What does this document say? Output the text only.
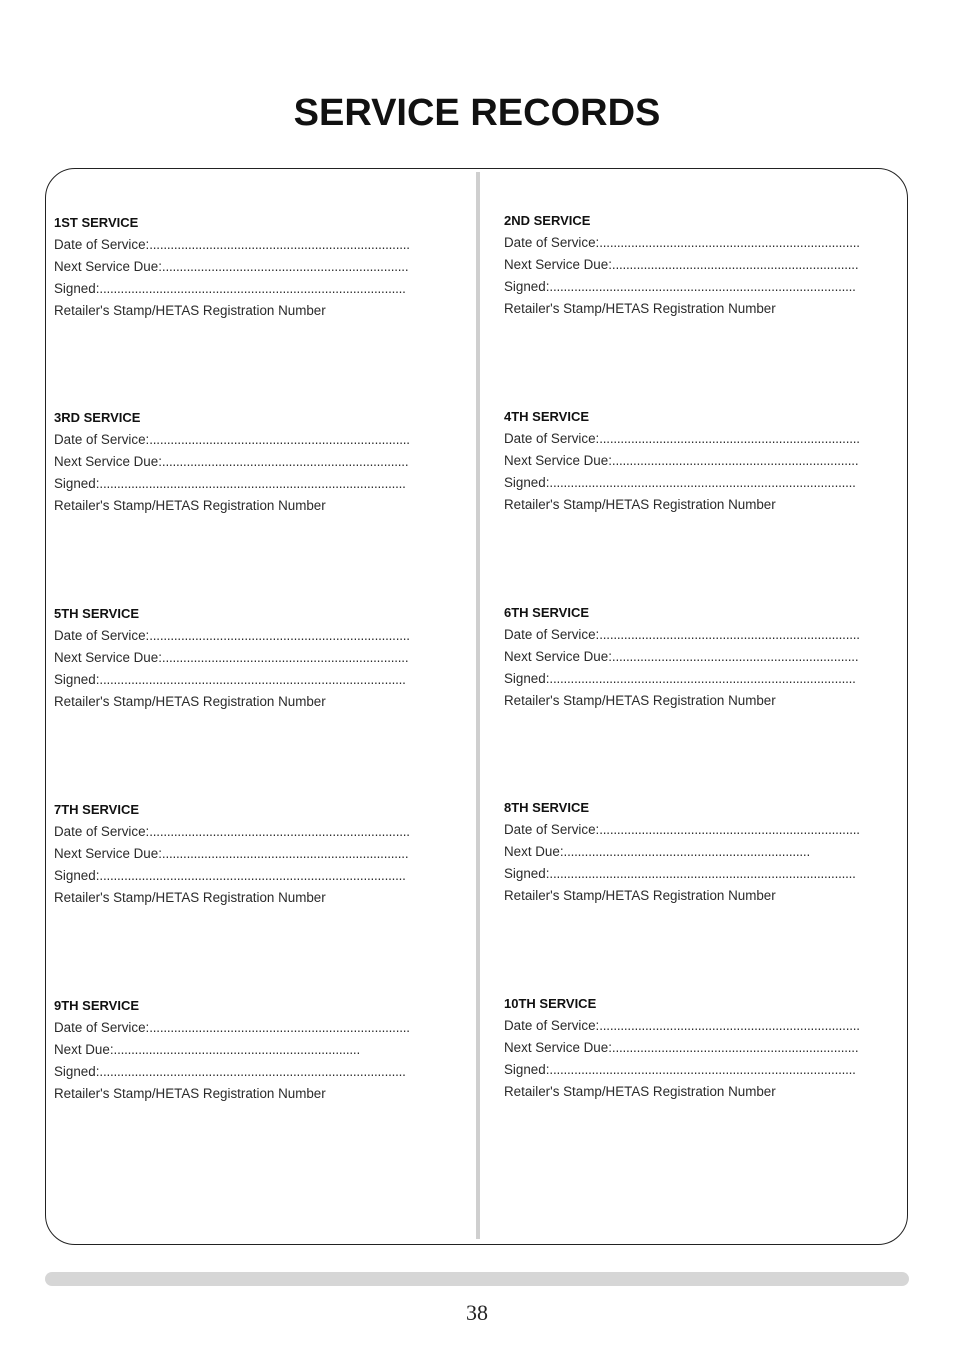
SERVICE RECORDS
1ST SERVICE
Date of Service:..........................................................................
Next Service Due:......................................................................
Signed:.......................................................................................
Retailer's Stamp/HETAS Registration Number
2ND SERVICE
Date of Service:..........................................................................
Next Service Due:......................................................................
Signed:.......................................................................................
Retailer's Stamp/HETAS Registration Number
3RD SERVICE
Date of Service:..........................................................................
Next Service Due:......................................................................
Signed:.......................................................................................
Retailer's Stamp/HETAS Registration Number
4TH SERVICE
Date of Service:..........................................................................
Next Service Due:......................................................................
Signed:.......................................................................................
Retailer's Stamp/HETAS Registration Number
5TH SERVICE
Date of Service:..........................................................................
Next Service Due:......................................................................
Signed:.......................................................................................
Retailer's Stamp/HETAS Registration Number
6TH SERVICE
Date of Service:..........................................................................
Next Service Due:......................................................................
Signed:.......................................................................................
Retailer's Stamp/HETAS Registration Number
7TH SERVICE
Date of Service:..........................................................................
Next Service Due:......................................................................
Signed:.......................................................................................
Retailer's Stamp/HETAS Registration Number
8TH SERVICE
Date of Service:..........................................................................
Next Due:......................................................................
Signed:.......................................................................................
Retailer's Stamp/HETAS Registration Number
9TH SERVICE
Date of Service:..........................................................................
Next Due:......................................................................
Signed:.......................................................................................
Retailer's Stamp/HETAS Registration Number
10TH SERVICE
Date of Service:..........................................................................
Next Service Due:......................................................................
Signed:.......................................................................................
Retailer's Stamp/HETAS Registration Number
38
